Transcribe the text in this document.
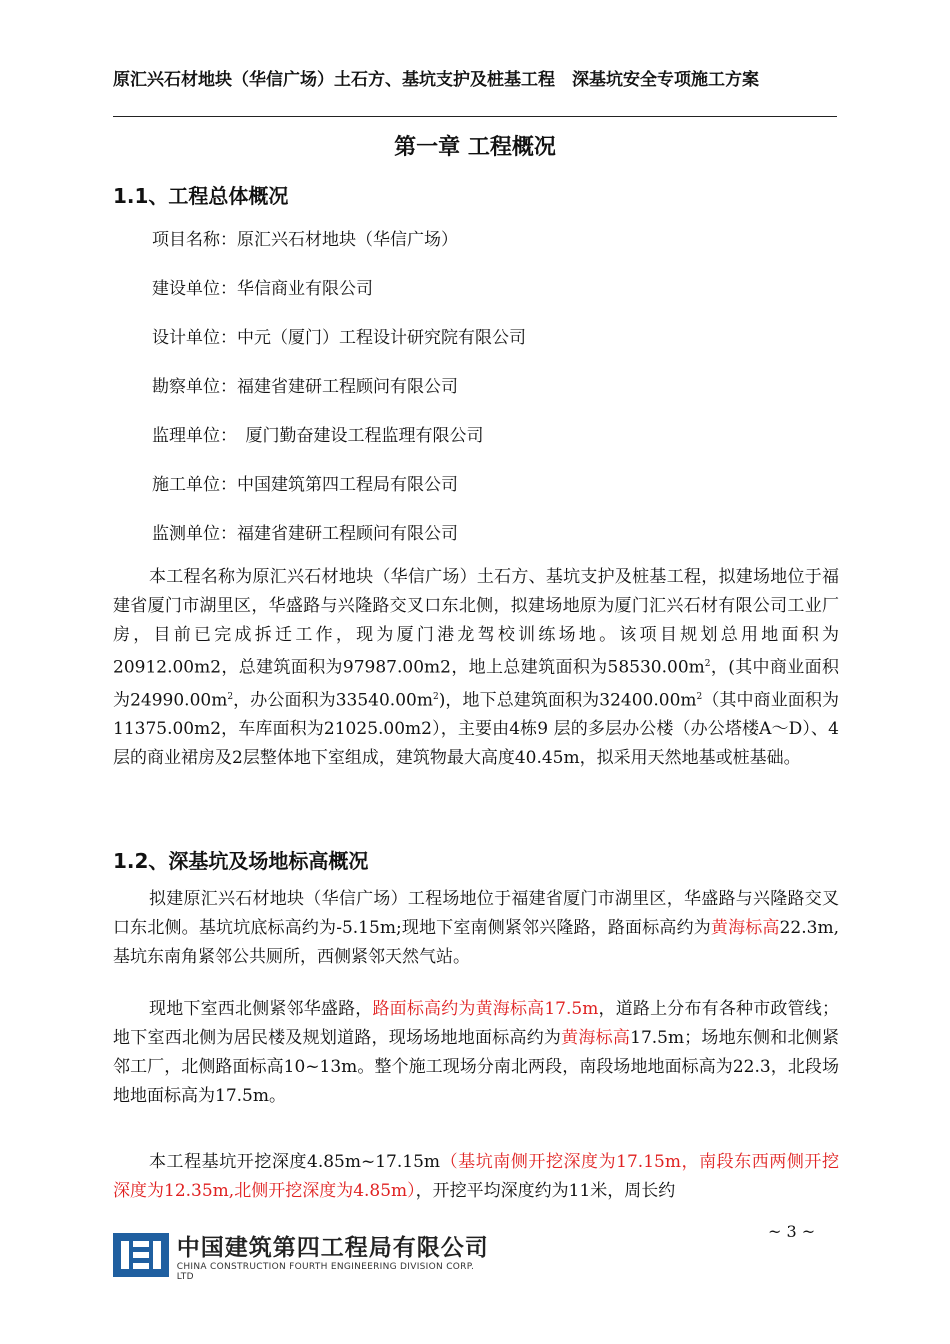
原汇兴石材地块（华信广场）土石方、基坑支护及桩基工程　深基坑安全专项施工方案
第一章 工程概况
1.1、工程总体概况
项目名称：原汇兴石材地块（华信广场）
建设单位：华信商业有限公司
设计单位：中元（厦门）工程设计研究院有限公司
勘察单位：福建省建研工程顾问有限公司
监理单位：　厦门勤奋建设工程监理有限公司
施工单位：中国建筑第四工程局有限公司
监测单位：福建省建研工程顾问有限公司
本工程名称为原汇兴石材地块（华信广场）土石方、基坑支护及桩基工程，拟建场地位于福建省厦门市湖里区，华盛路与兴隆路交叉口东北侧，拟建场地原为厦门汇兴石材有限公司工业厂房，目前已完成拆迁工作，现为厦门港龙驾校训练场地。该项目规划总用地面积为20912.00m2，总建筑面积为97987.00m2，地上总建筑面积为$58530.00m^2$，(其中商业面积为$24990.00m^2$，办公面积为$33540.00m^2$)，地下总建筑面积为$32400.00m^2$（其中商业面积为11375.00m2，车库面积为21025.00m2），主要由4栋9 层的多层办公楼（办公塔楼A～D）、4层的商业裙房及2层整体地下室组成，建筑物最大高度40.45m，拟采用天然地基或桩基础。
1.2、深基坑及场地标高概况
拟建原汇兴石材地块（华信广场）工程场地位于福建省厦门市湖里区，华盛路与兴隆路交叉口东北侧。基坑坑底标高约为-5.15m;现地下室南侧紧邻兴隆路，路面标高约为黄海标高22.3m,基坑东南角紧邻公共厕所，西侧紧邻天然气站。
现地下室西北侧紧邻华盛路，路面标高约为黄海标高17.5m，道路上分布有各种市政管线；地下室西北侧为居民楼及规划道路，现场场地地面标高约为黄海标高17.5m；场地东侧和北侧紧邻工厂，北侧路面标高10~13m。整个施工现场分南北两段，南段场地地面标高为22.3，北段场地地面标高为17.5m。
本工程基坑开挖深度4.85m~17.15m（基坑南侧开挖深度为17.15m，南段东西两侧开挖深度为12.35m,北侧开挖深度为4.85m），开挖平均深度约为11米，周长约
~ 3 ~
中国建筑第四工程局有限公司
CHINA CONSTRUCTION FOURTH ENGINEERING DIVISION CORP. LTD
